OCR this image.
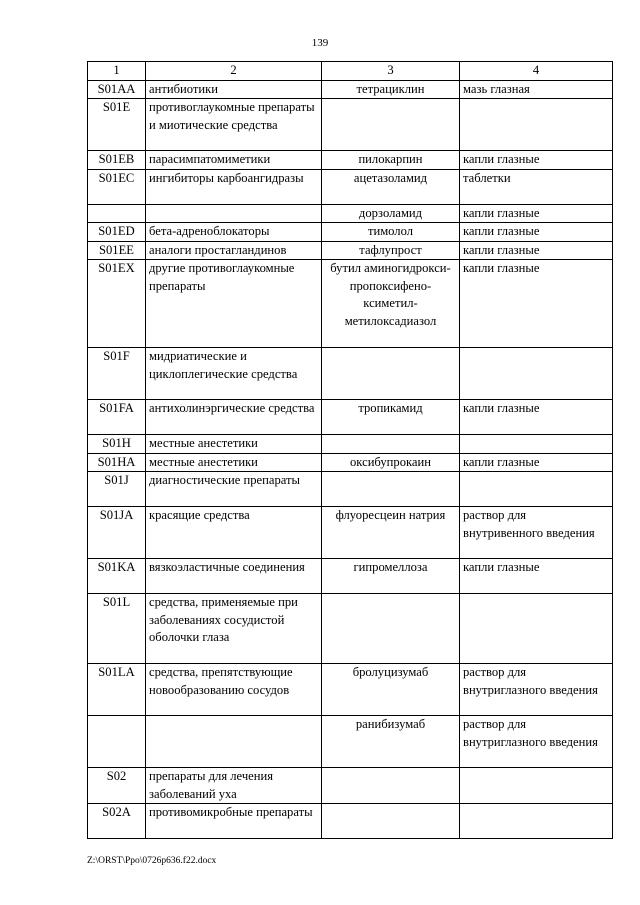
139
1	2	3	4
S01AA	антибиотики	тетрациклин	мазь глазная
S01E	противоглаукомные препараты и миотические средства		
S01EB	парасимпатомиметики	пилокарпин	капли глазные
S01EC	ингибиторы карбоангидразы	ацетазоламид	таблетки
		дорзоламид	капли глазные
S01ED	бета-адреноблокаторы	тимолол	капли глазные
S01EE	аналоги простагландинов	тафлупрост	капли глазные
S01EX	другие противоглаукомные препараты	бутил аминогидрокси-пропоксифено-ксиметил-метилоксадиазол	капли глазные
S01F	мидриатические и циклоплегические средства		
S01FA	антихолинэргические средства	тропикамид	капли глазные
S01H	местные анестетики		
S01HA	местные анестетики	оксибупрокаин	капли глазные
S01J	диагностические препараты		
S01JA	красящие средства	флуоресцеин натрия	раствор для внутривенного введения
S01KA	вязкоэластичные соединения	гипромеллоза	капли глазные
S01L	средства, применяемые при заболеваниях сосудистой оболочки глаза		
S01LA	средства, препятствующие новообразованию сосудов	бролуцизумаб	раствор для внутриглазного введения
		ранибизумаб	раствор для внутриглазного введения
S02	препараты для лечения заболеваний уха		
S02A	противомикробные препараты		
Z:\ORST\Ppo\0726p636.f22.docx
